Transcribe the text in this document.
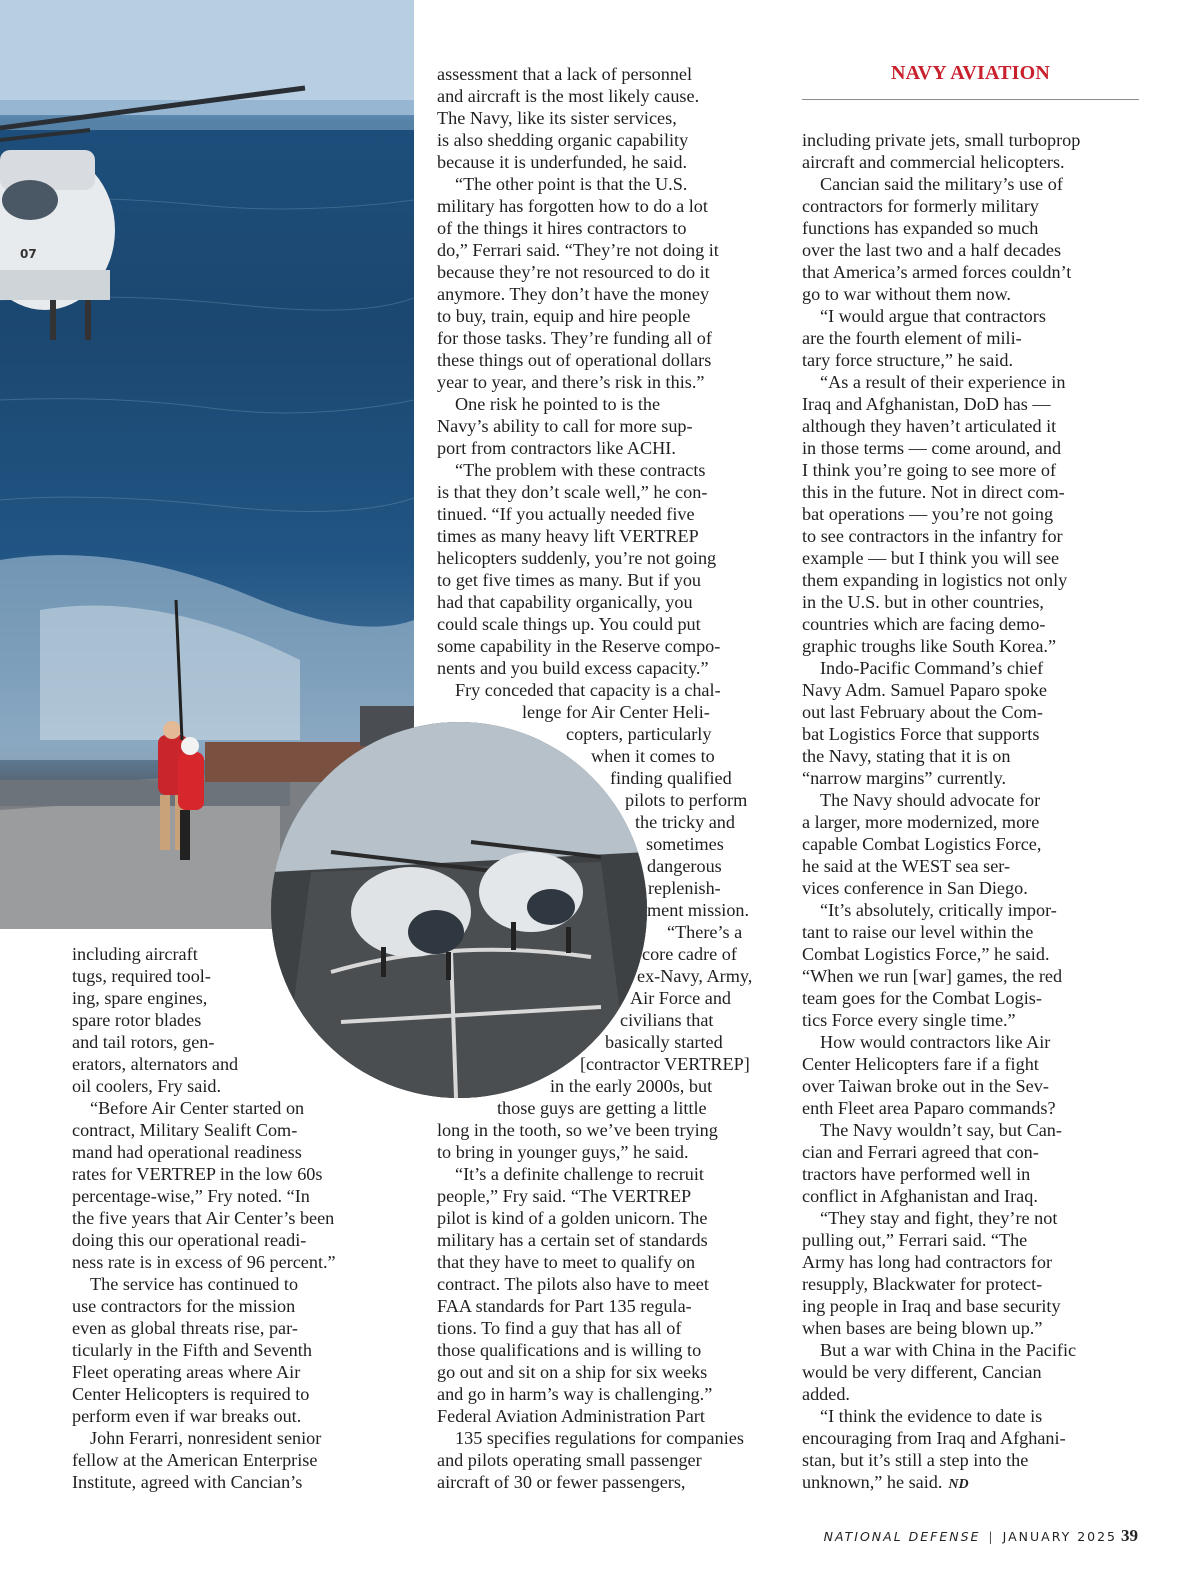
07
NAVY AVIATION
including aircraft
tugs, required tool-
ing, spare engines,
spare rotor blades
and tail rotors, gen-
erators, alternators and
oil coolers, Fry said.
“Before Air Center started on
contract, Military Sealift Com-
mand had operational readiness
rates for VERTREP in the low 60s
percentage-wise,” Fry noted. “In
the five years that Air Center’s been
doing this our operational readi-
ness rate is in excess of 96 percent.”
The service has continued to
use contractors for the mission
even as global threats rise, par-
ticularly in the Fifth and Seventh
Fleet operating areas where Air
Center Helicopters is required to
perform even if war breaks out.
John Ferarri, nonresident senior
fellow at the American Enterprise
Institute, agreed with Cancian’s
assessment that a lack of personnel
and aircraft is the most likely cause.
The Navy, like its sister services,
is also shedding organic capability
because it is underfunded, he said.
“The other point is that the U.S.
military has forgotten how to do a lot
of the things it hires contractors to
do,” Ferrari said. “They’re not doing it
because they’re not resourced to do it
anymore. They don’t have the money
to buy, train, equip and hire people
for those tasks. They’re funding all of
these things out of operational dollars
year to year, and there’s risk in this.”
One risk he pointed to is the
Navy’s ability to call for more sup-
port from contractors like ACHI.
“The problem with these contracts
is that they don’t scale well,” he con-
tinued. “If you actually needed five
times as many heavy lift VERTREP
helicopters suddenly, you’re not going
to get five times as many. But if you
had that capability organically, you
could scale things up. You could put
some capability in the Reserve compo-
nents and you build excess capacity.”
Fry conceded that capacity is a chal-
lenge for Air Center Heli-
copters, particularly
when it comes to
finding qualified
pilots to perform
the tricky and
sometimes
dangerous
replenish-
ment mission.
“There’s a
core cadre of
ex-Navy, Army,
Air Force and
civilians that
basically started
[contractor VERTREP]
in the early 2000s, but
those guys are getting a little
long in the tooth, so we’ve been trying
to bring in younger guys,” he said.
“It’s a definite challenge to recruit
people,” Fry said. “The VERTREP
pilot is kind of a golden unicorn. The
military has a certain set of standards
that they have to meet to qualify on
contract. The pilots also have to meet
FAA standards for Part 135 regula-
tions. To find a guy that has all of
those qualifications and is willing to
go out and sit on a ship for six weeks
and go in harm’s way is challenging.”
Federal Aviation Administration Part
135 specifies regulations for companies
and pilots operating small passenger
aircraft of 30 or fewer passengers,
including private jets, small turboprop
aircraft and commercial helicopters.
Cancian said the military’s use of
contractors for formerly military
functions has expanded so much
over the last two and a half decades
that America’s armed forces couldn’t
go to war without them now.
“I would argue that contractors
are the fourth element of mili-
tary force structure,” he said.
“As a result of their experience in
Iraq and Afghanistan, DoD has —
although they haven’t articulated it
in those terms — come around, and
I think you’re going to see more of
this in the future. Not in direct com-
bat operations — you’re not going
to see contractors in the infantry for
example — but I think you will see
them expanding in logistics not only
in the U.S. but in other countries,
countries which are facing demo-
graphic troughs like South Korea.”
Indo-Pacific Command’s chief
Navy Adm. Samuel Paparo spoke
out last February about the Com-
bat Logistics Force that supports
the Navy, stating that it is on
“narrow margins” currently.
The Navy should advocate for
a larger, more modernized, more
capable Combat Logistics Force,
he said at the WEST sea ser-
vices conference in San Diego.
“It’s absolutely, critically impor-
tant to raise our level within the
Combat Logistics Force,” he said.
“When we run [war] games, the red
team goes for the Combat Logis-
tics Force every single time.”
How would contractors like Air
Center Helicopters fare if a fight
over Taiwan broke out in the Sev-
enth Fleet area Paparo commands?
The Navy wouldn’t say, but Can-
cian and Ferrari agreed that con-
tractors have performed well in
conflict in Afghanistan and Iraq.
“They stay and fight, they’re not
pulling out,” Ferrari said. “The
Army has long had contractors for
resupply, Blackwater for protect-
ing people in Iraq and base security
when bases are being blown up.”
But a war with China in the Pacific
would be very different, Cancian
added.
“I think the evidence to date is
encouraging from Iraq and Afghani-
stan, but it’s still a step into the
unknown,” he said. ND
NATIONAL DEFENSE | JANUARY 2025 39
